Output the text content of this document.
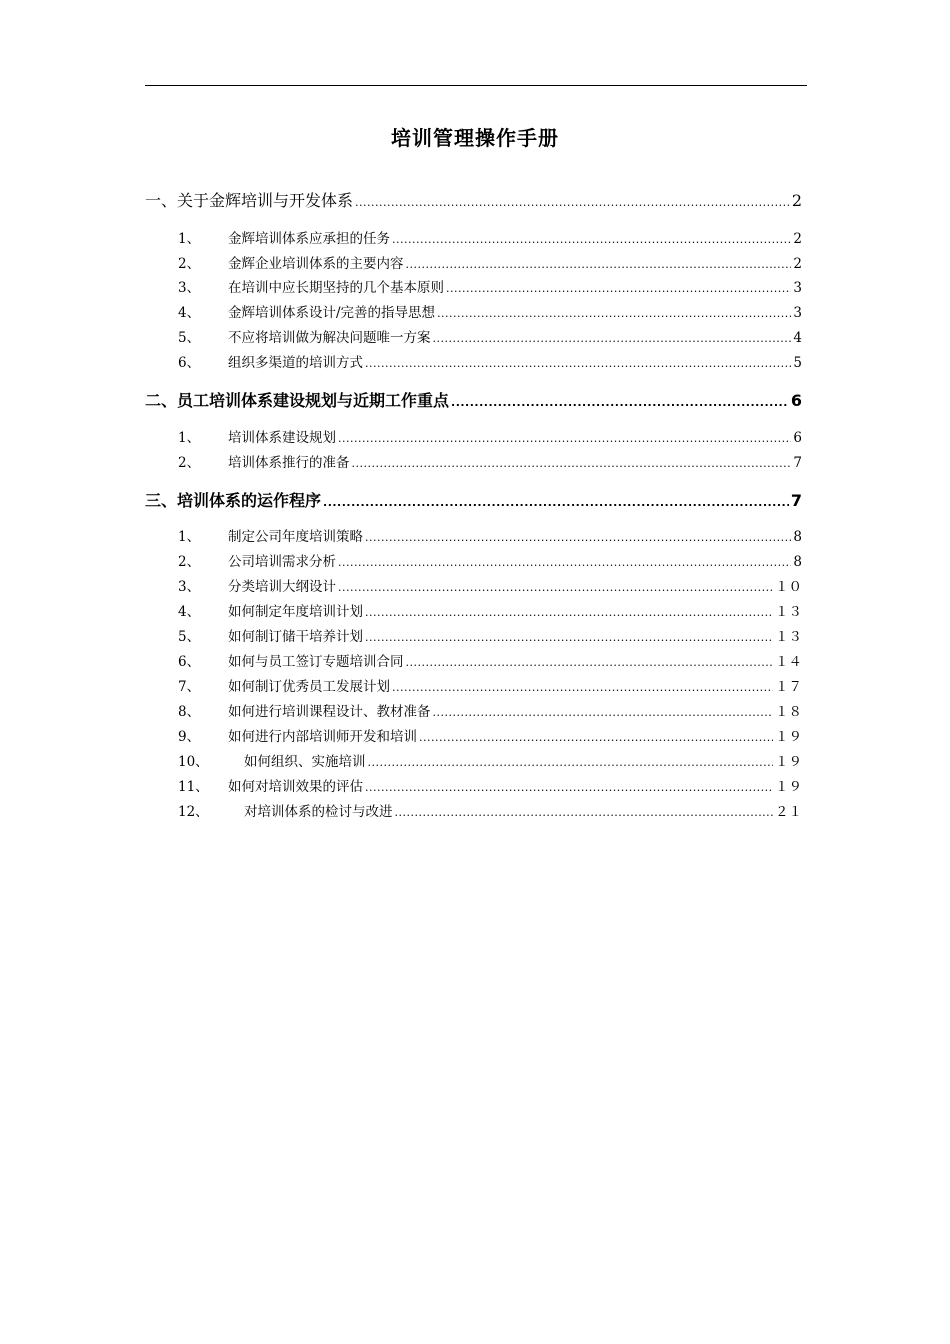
培训管理操作手册
一、关于金辉培训与开发体系 .....	2
1、	金辉培训体系应承担的任务 .....	2
2、	金辉企业培训体系的主要内容 .....	2
3、	在培训中应长期坚持的几个基本原则 .....	3
4、	金辉培训体系设计/完善的指导思想 .....	3
5、	不应将培训做为解决问题唯一方案 .....	4
6、	组织多渠道的培训方式 .....	5
二、员工培训体系建设规划与近期工作重点 .....	6
1、	培训体系建设规划 .....	6
2、	培训体系推行的准备 .....	7
三、培训体系的运作程序 .....	7
1、	制定公司年度培训策略 .....	8
2、	公司培训需求分析 .....	8
3、	分类培训大纲设计 .....	１０
4、	如何制定年度培训计划 .....	１３
5、	如何制订储干培养计划 .....	１３
6、	如何与员工签订专题培训合同 .....	１４
7、	如何制订优秀员工发展计划 .....	１７
8、	如何进行培训课程设计、教材准备 .....	１８
9、	如何进行内部培训师开发和培训 .....	１９
10、	如何组织、实施培训 .....	１９
11、	如何对培训效果的评估 .....	１９
12、	对培训体系的检讨与改进 .....	２１
